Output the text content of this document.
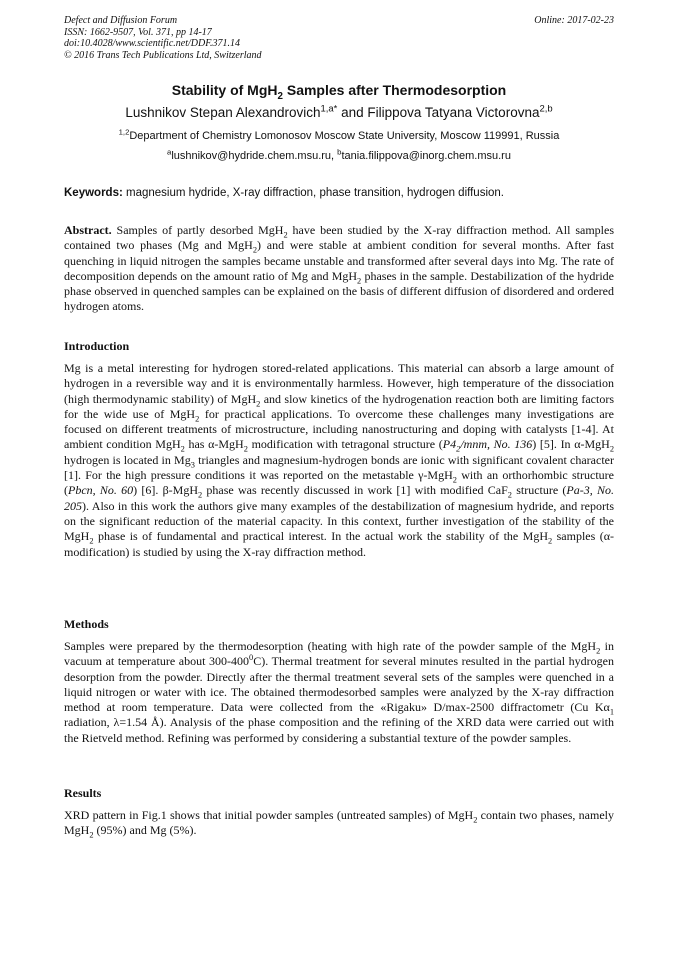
Defect and Diffusion Forum
ISSN: 1662-9507, Vol. 371, pp 14-17
doi:10.4028/www.scientific.net/DDF.371.14
© 2016 Trans Tech Publications Ltd, Switzerland
Online: 2017-02-23
Stability of MgH$_2$ Samples after Thermodesorption
Lushnikov Stepan Alexandrovich$^{1,a*}$ and Filippova Tatyana Victorovna$^{2,b}$
$^{1,2}$Department of Chemistry Lomonosov Moscow State University, Moscow 119991, Russia
$^a$lushnikov@hydride.chem.msu.ru, $^b$tania.filippova@inorg.chem.msu.ru
Keywords: magnesium hydride, X-ray diffraction, phase transition, hydrogen diffusion.
Abstract. Samples of partly desorbed MgH$_2$ have been studied by the X-ray diffraction method. All samples contained two phases (Mg and MgH$_2$) and were stable at ambient condition for several months. After fast quenching in liquid nitrogen the samples became unstable and transformed after several days into Mg. The rate of decomposition depends on the amount ratio of Mg and MgH$_2$ phases in the sample. Destabilization of the hydride phase observed in quenched samples can be explained on the basis of different diffusion of disordered and ordered hydrogen atoms.
Introduction
Mg is a metal interesting for hydrogen stored-related applications. This material can absorb a large amount of hydrogen in a reversible way and it is environmentally harmless. However, high temperature of the dissociation (high thermodynamic stability) of MgH$_2$ and slow kinetics of the hydrogenation reaction both are limiting factors for the wide use of MgH$_2$ for practical applications. To overcome these challenges many investigations are focused on different treatments of microstructure, including nanostructuring and doping with catalysts [1-4]. At ambient condition MgH$_2$ has α-MgH$_2$ modification with tetragonal structure ($P4_2$/mnm, No. 136) [5]. In α-MgH$_2$ hydrogen is located in $Mg_3$ triangles and magnesium-hydrogen bonds are ionic with significant covalent character [1]. For the high pressure conditions it was reported on the metastable γ-MgH$_2$ with an orthorhombic structure (Pbcn, No. 60) [6]. β-MgH$_2$ phase was recently discussed in work [1] with modified CaF$_2$ structure (Pa-3, No. 205). Also in this work the authors give many examples of the destabilization of magnesium hydride, and reports on the significant reduction of the material capacity. In this context, further investigation of the stability of the MgH$_2$ phase is of fundamental and practical interest. In the actual work the stability of the MgH$_2$ samples (α-modification) is studied by using the X-ray diffraction method.
Methods
Samples were prepared by the thermodesorption (heating with high rate of the powder sample of the MgH$_2$ in vacuum at temperature about $300-400^0C$). Thermal treatment for several minutes resulted in the partial hydrogen desorption from the powder. Directly after the thermal treatment several sets of the samples were quenched in a liquid nitrogen or water with ice. The obtained thermodesorbed samples were analyzed by the X-ray diffraction method at room temperature. Data were collected from the «Rigaku» D/max-2500 diffractometr (Cu $K\alpha_1$ radiation, λ=1.54 Å). Analysis of the phase composition and the refining of the XRD data were carried out with the Rietveld method. Refining was performed by considering a substantial texture of the powder samples.
Results
XRD pattern in Fig.1 shows that initial powder samples (untreated samples) of MgH$_2$ contain two phases, namely MgH$_2$ (95%) and Mg (5%).
